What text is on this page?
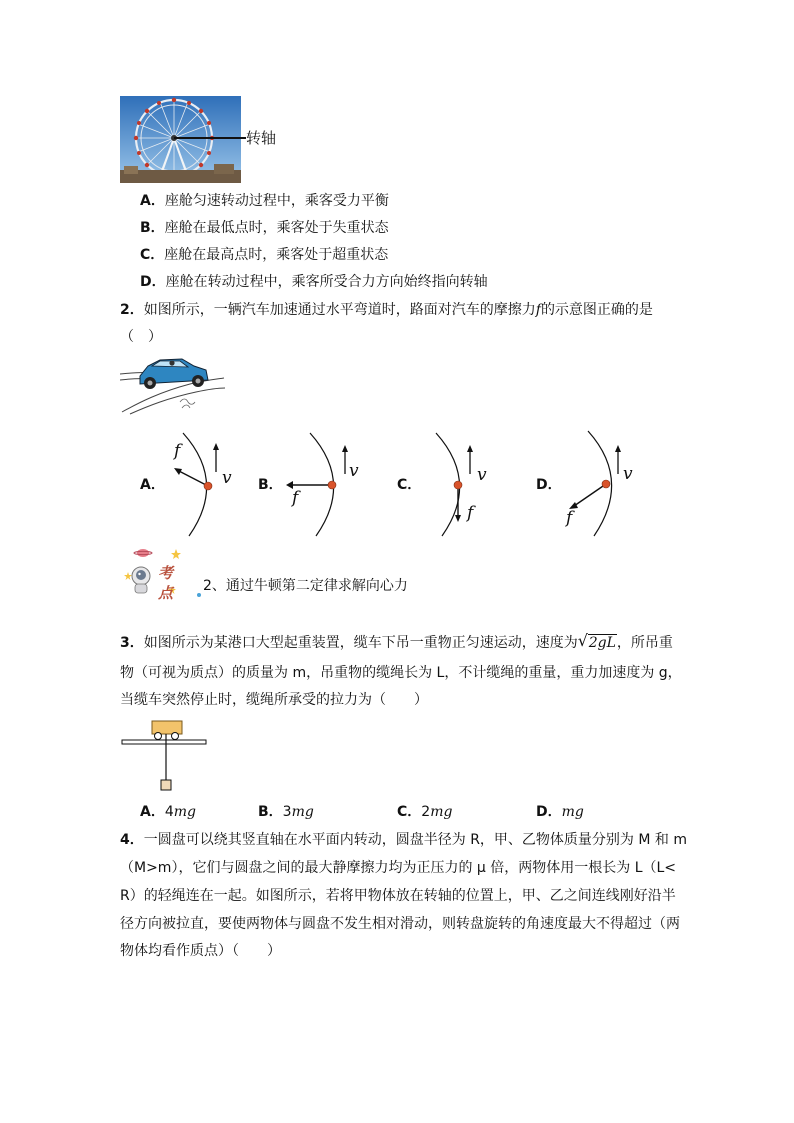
转轴
A．座舱匀速转动过程中，乘客受力平衡
B．座舱在最低点时，乘客处于失重状态
C．座舱在最高点时，乘客处于超重状态
D．座舱在转动过程中，乘客所受合力方向始终指向转轴
2．如图所示，一辆汽车加速通过水平弯道时，路面对汽车的摩擦力f的示意图正确的是
（　）
A．
f
v B．
f
v
C．
f
v	D．
f
v
考
点 2、通过牛顿第二定律求解向心力
3．如图所示为某港口大型起重装置，缆车下吊一重物正匀速运动，速度为 √ 2gL，所吊重
物（可视为质点）的质量为 m，吊重物的缆绳长为 L，不计缆绳的重量，重力加速度为 g，
当缆车突然停止时，缆绳所承受的拉力为（　　）
A．4mg	B．3mg	C．2mg	D．mg
4．一圆盘可以绕其竖直轴在水平面内转动，圆盘半径为 R，甲、乙物体质量分别为 M 和 m
（M>m），它们与圆盘之间的最大静摩擦力均为正压力的 μ 倍，两物体用一根长为 L（L<
R）的轻绳连在一起。如图所示，若将甲物体放在转轴的位置上，甲、乙之间连线刚好沿半
径方向被拉直，要使两物体与圆盘不发生相对滑动，则转盘旋转的角速度最大不得超过（两
物体均看作质点）（　　）
